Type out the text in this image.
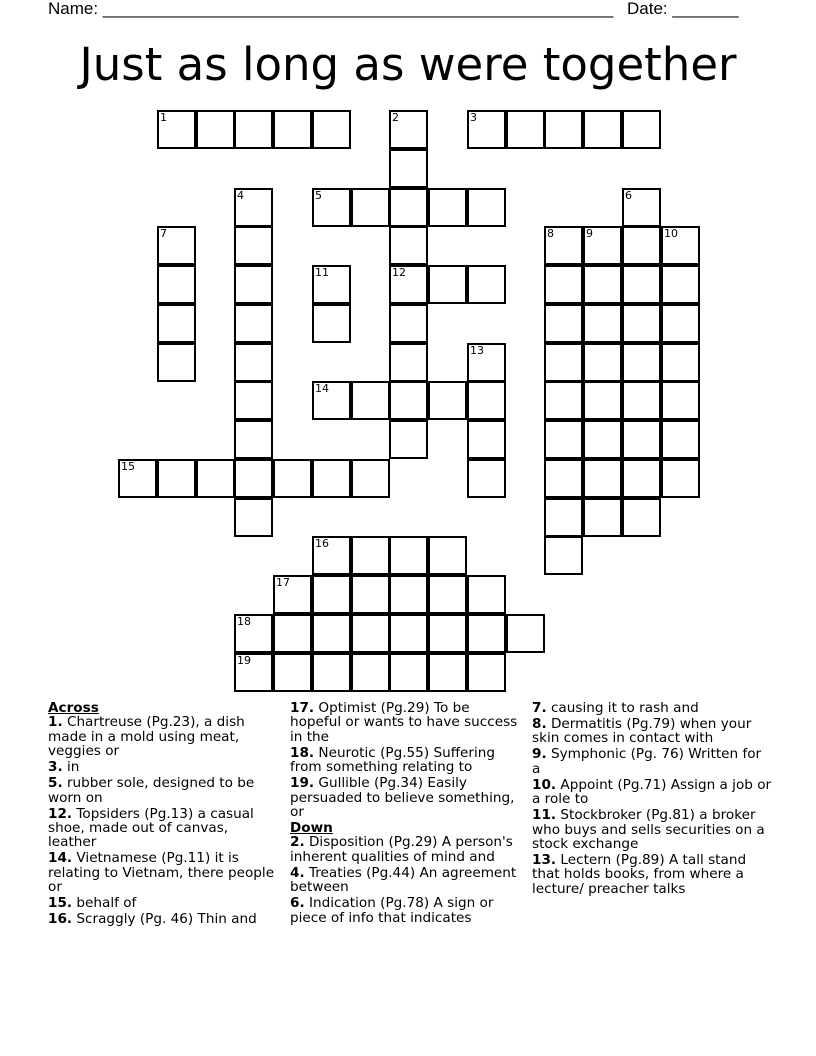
Name: ______________________________________________________ Date: _______
Just as long as were together
1	2	3
4	5	6
7	8	9	10
11	12
13
14
15
16
17
18
19
Across
1. Chartreuse (Pg.23), a dish made in a mold using meat, veggies or
3. in
5. rubber sole, designed to be worn on
12. Topsiders (Pg.13) a casual shoe, made out of canvas, leather
14. Vietnamese (Pg.11) it is relating to Vietnam, there people or
15. behalf of
16. Scraggly (Pg. 46) Thin and
17. Optimist (Pg.29) To be hopeful or wants to have success in the
18. Neurotic (Pg.55) Suffering from something relating to
19. Gullible (Pg.34) Easily persuaded to believe something, or
Down
2. Disposition (Pg.29) A person's inherent qualities of mind and
4. Treaties (Pg.44) An agreement between
6. Indication (Pg.78) A sign or piece of info that indicates
7. causing it to rash and
8. Dermatitis (Pg.79) when your skin comes in contact with
9. Symphonic (Pg. 76) Written for a
10. Appoint (Pg.71) Assign a job or a role to
11. Stockbroker (Pg.81) a broker who buys and sells securities on a stock exchange
13. Lectern (Pg.89) A tall stand that holds books, from where a lecture/ preacher talks
